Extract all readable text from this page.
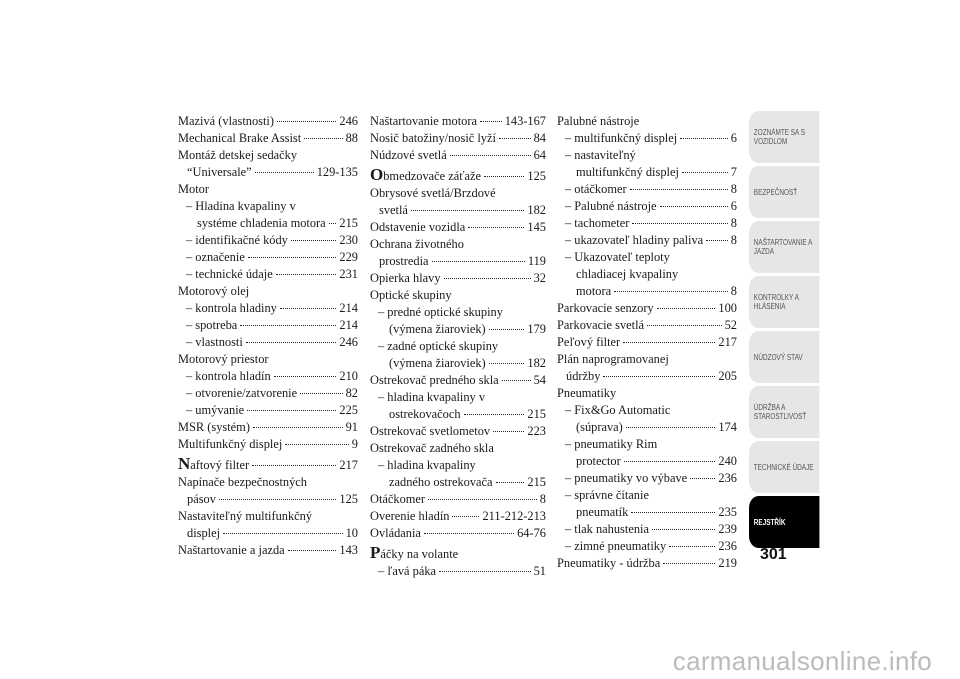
Mazivá (vlastnosti)	246
Mechanical Brake Assist	88
Montáž detskej sedačky
“Universale”	129-135
Motor
– Hladina kvapaliny v
systéme chladenia motora 215
– identifikačné kódy	230
– označenie	229
– technické údaje	231
Motorový olej
– kontrola hladiny	214
– spotreba	214
– vlastnosti	246
Motorový priestor
– kontrola hladín	210
– otvorenie/zatvorenie	82
– umývanie	225
MSR (systém)	91
Multifunkčný displej	9
Naftový filter	217
Napínače bezpečnostných
pásov	125
Nastaviteľný multifunkčný
displej	10
Naštartovanie a jazda	143
Naštartovanie motora 143-167
Nosič batožiny/nosič lyží	84
Núdzové svetlá	64
Obmedzovače záťaže	125
Obrysové svetlá/Brzdové
svetlá	182
Odstavenie vozidla	145
Ochrana životného
prostredia	119
Opierka hlavy	32
Optické skupiny
– predné optické skupiny
(výmena žiaroviek)	179
– zadné optické skupiny
(výmena žiaroviek)	182
Ostrekovač predného skla	54
– hladina kvapaliny v
ostrekovačoch	215
Ostrekovač svetlometov	223
Ostrekovač zadného skla
– hladina kvapaliny
zadného ostrekovača	215
Otáčkomer	8
Overenie hladín	211-212-213
Ovládania	64-76
Páčky na volante
– ľavá páka	51
Palubné nástroje
– multifunkčný displej	6
– nastaviteľný
multifunkčný displej	7
– otáčkomer	8
– Palubné nástroje	6
– tachometer	8
– ukazovateľ hladiny paliva 8
– Ukazovateľ teploty
chladiacej kvapaliny
motora	8
Parkovacie senzory	100
Parkovacie svetlá	52
Peľový filter	217
Plán naprogramovanej
údržby	205
Pneumatiky
– Fix&Go Automatic
(súprava)	174
– pneumatiky Rim
protector	240
– pneumatiky vo výbave	236
– správne čítanie
pneumatík	235
– tlak nahustenia	239
– zimné pneumatiky	236
Pneumatiky - údržba	219
ZOZNÁMTE SA S VOZIDLOM
BEZPEČNOSŤ
NAŠTARTOVANIE A JAZDA
KONTROLKY A HLÁSENIA
NÚDZOVÝ STAV
ÚDRŽBA A STAROSTLIVOSŤ
TECHNICKÉ ÚDAJE
REJSTŘÍK
301
carmanualsonline.info
